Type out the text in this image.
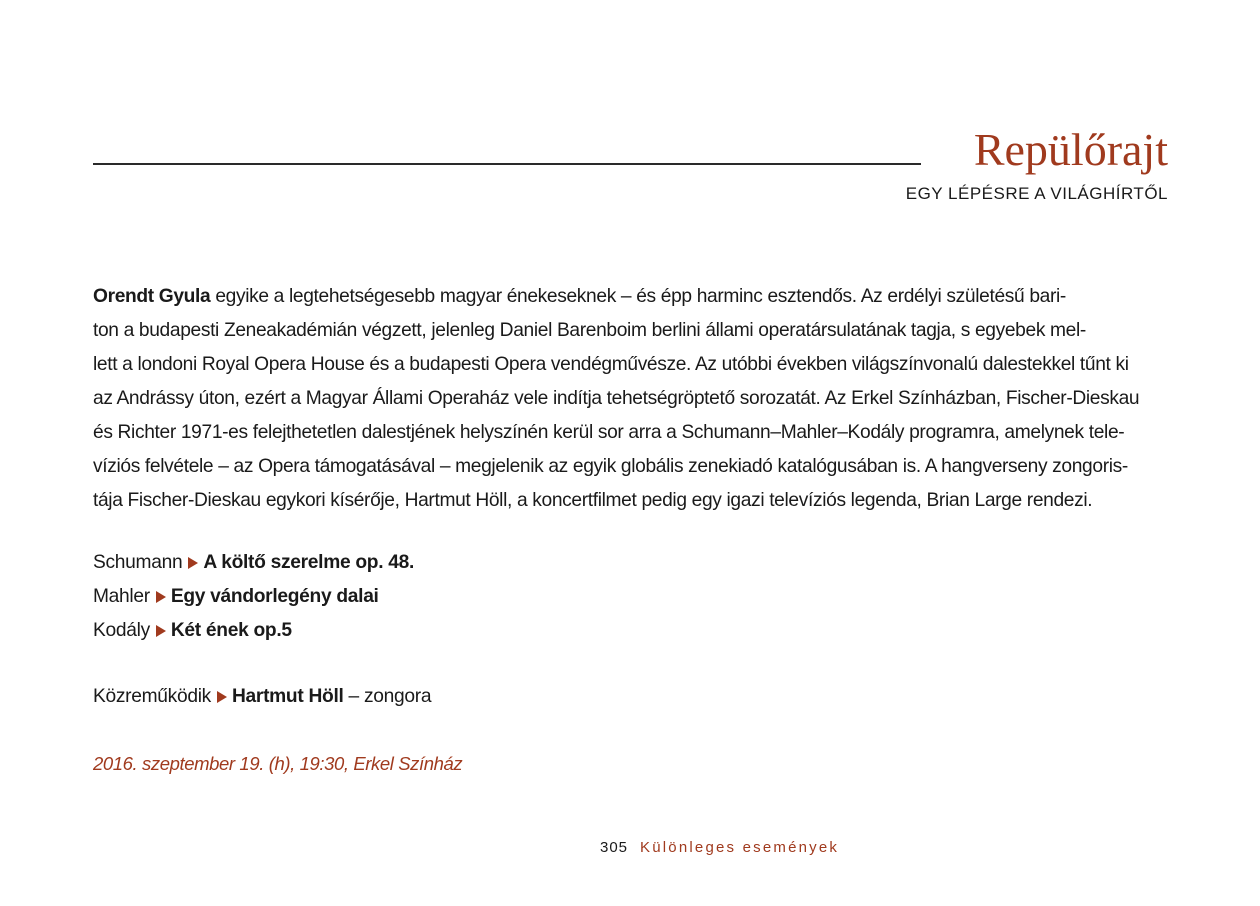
Repülőrajt
EGY LÉPÉSRE A VILÁGHÍRTŐL
Orendt Gyula egyike a legtehetségesebb magyar énekeseknek – és épp harminc esztendős. Az erdélyi születésű bari-
ton a budapesti Zeneakadémián végzett, jelenleg Daniel Barenboim berlini állami operatársulatának tagja, s egyebek mel-
lett a londoni Royal Opera House és a budapesti Opera vendégművésze. Az utóbbi években világszínvonalú dalestekkel tűnt ki
az Andrássy úton, ezért a Magyar Állami Operaház vele indítja tehetségröptető sorozatát. Az Erkel Színházban, Fischer-Dieskau
és Richter 1971-es felejthetetlen dalestjének helyszínén kerül sor arra a Schumann–Mahler–Kodály programra, amelynek tele-
víziós felvétele – az Opera támogatásával – megjelenik az egyik globális zenekiadó katalógusában is. A hangverseny zongoris-
tája Fischer-Dieskau egykori kísérője, Hartmut Höll, a koncertfilmet pedig egy igazi televíziós legenda, Brian Large rendezi.
Schumann A költő szerelme op. 48.
Mahler Egy vándorlegény dalai
Kodály Két ének op.5
Közreműködik Hartmut Höll – zongora
2016. szeptember 19. (h), 19:30, Erkel Színház
305 Különleges események
